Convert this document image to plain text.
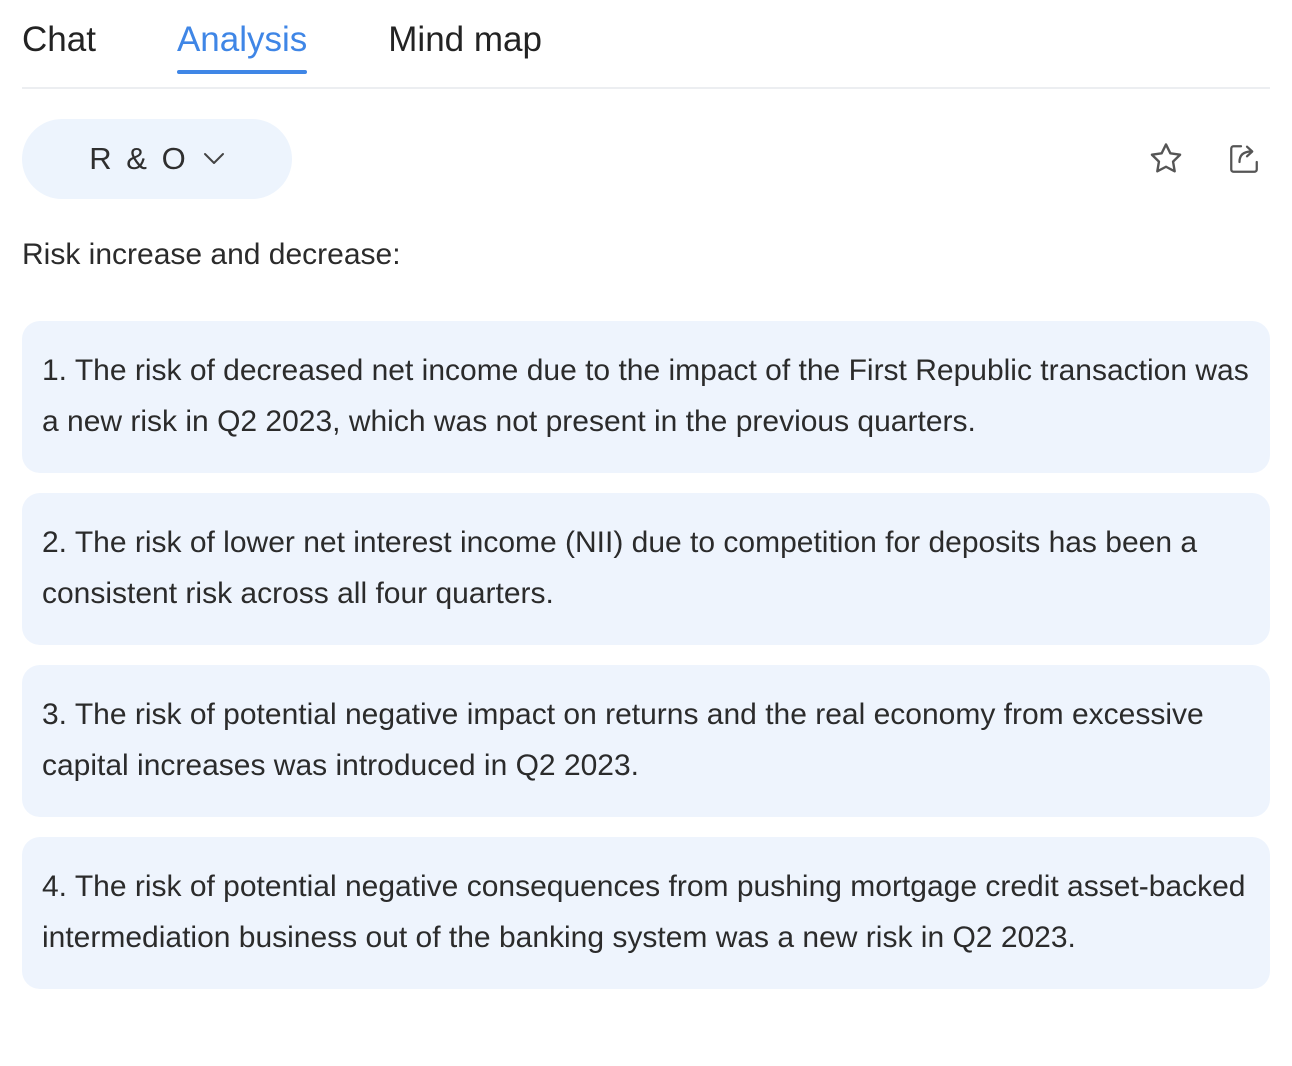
Chat Analysis Mind map
R & O
Risk increase and decrease:
1. The risk of decreased net income due to the impact of the First Republic transaction was a new risk in Q2 2023, which was not present in the previous quarters.
2. The risk of lower net interest income (NII) due to competition for deposits has been a consistent risk across all four quarters.
3. The risk of potential negative impact on returns and the real economy from excessive capital increases was introduced in Q2 2023.
4. The risk of potential negative consequences from pushing mortgage credit asset-backed intermediation business out of the banking system was a new risk in Q2 2023.
